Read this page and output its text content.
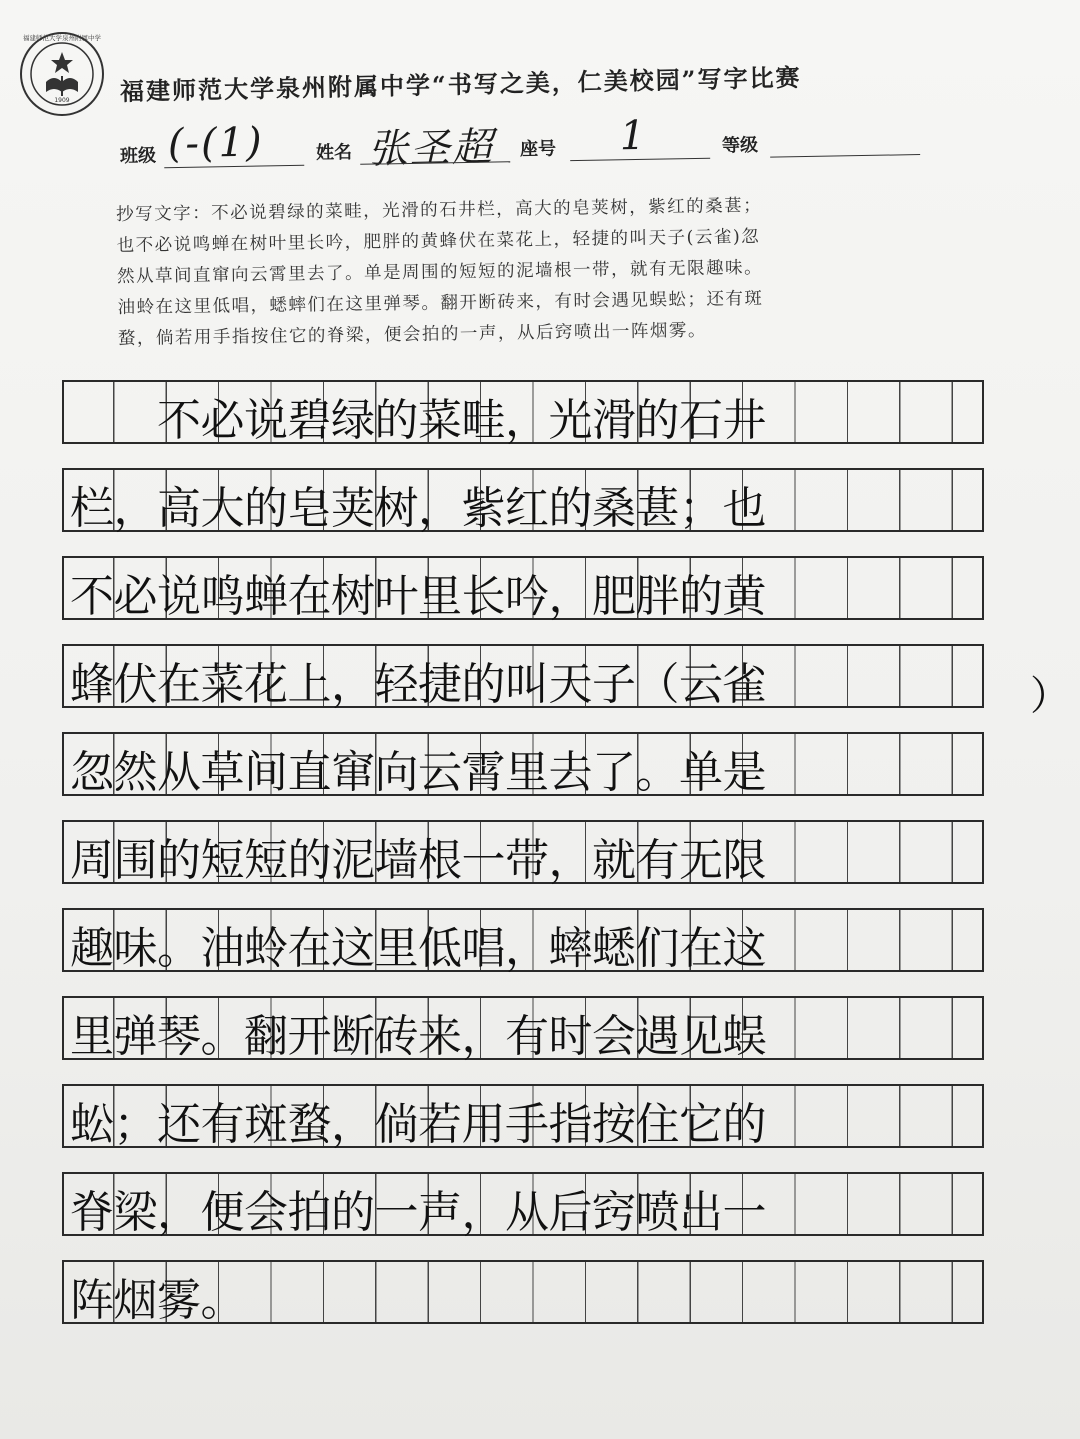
1909
福建师范大学泉州附属中学
福建师范大学泉州附属中学“书写之美，仁美校园”写字比赛
班级 (-(1)	姓名 张圣超 座号 1	等级
抄写文字：不必说碧绿的菜畦，光滑的石井栏，高大的皂荚树，紫红的桑葚；
也不必说鸣蝉在树叶里长吟，肥胖的黄蜂伏在菜花上，轻捷的叫天子(云雀)忽
然从草间直窜向云霄里去了。单是周围的短短的泥墙根一带，就有无限趣味。
油蛉在这里低唱，蟋蟀们在这里弹琴。翻开断砖来，有时会遇见蜈蚣；还有斑
蝥，倘若用手指按住它的脊梁，便会拍的一声，从后窍喷出一阵烟雾。
　　不必说碧绿的菜畦，光滑的石井
栏，高大的皂荚树，紫红的桑葚；也
不必说鸣蝉在树叶里长吟，肥胖的黄
蜂伏在菜花上，轻捷的叫天子（云雀
忽然从草间直窜向云霄里去了。单是
周围的短短的泥墙根一带，就有无限
趣味。油蛉在这里低唱，蟀蟋们在这
里弹琴。翻开断砖来，有时会遇见蜈
蚣；还有斑蝥，倘若用手指按住它的
脊梁，便会拍的一声，从后窍喷出一
阵烟雾。
）
